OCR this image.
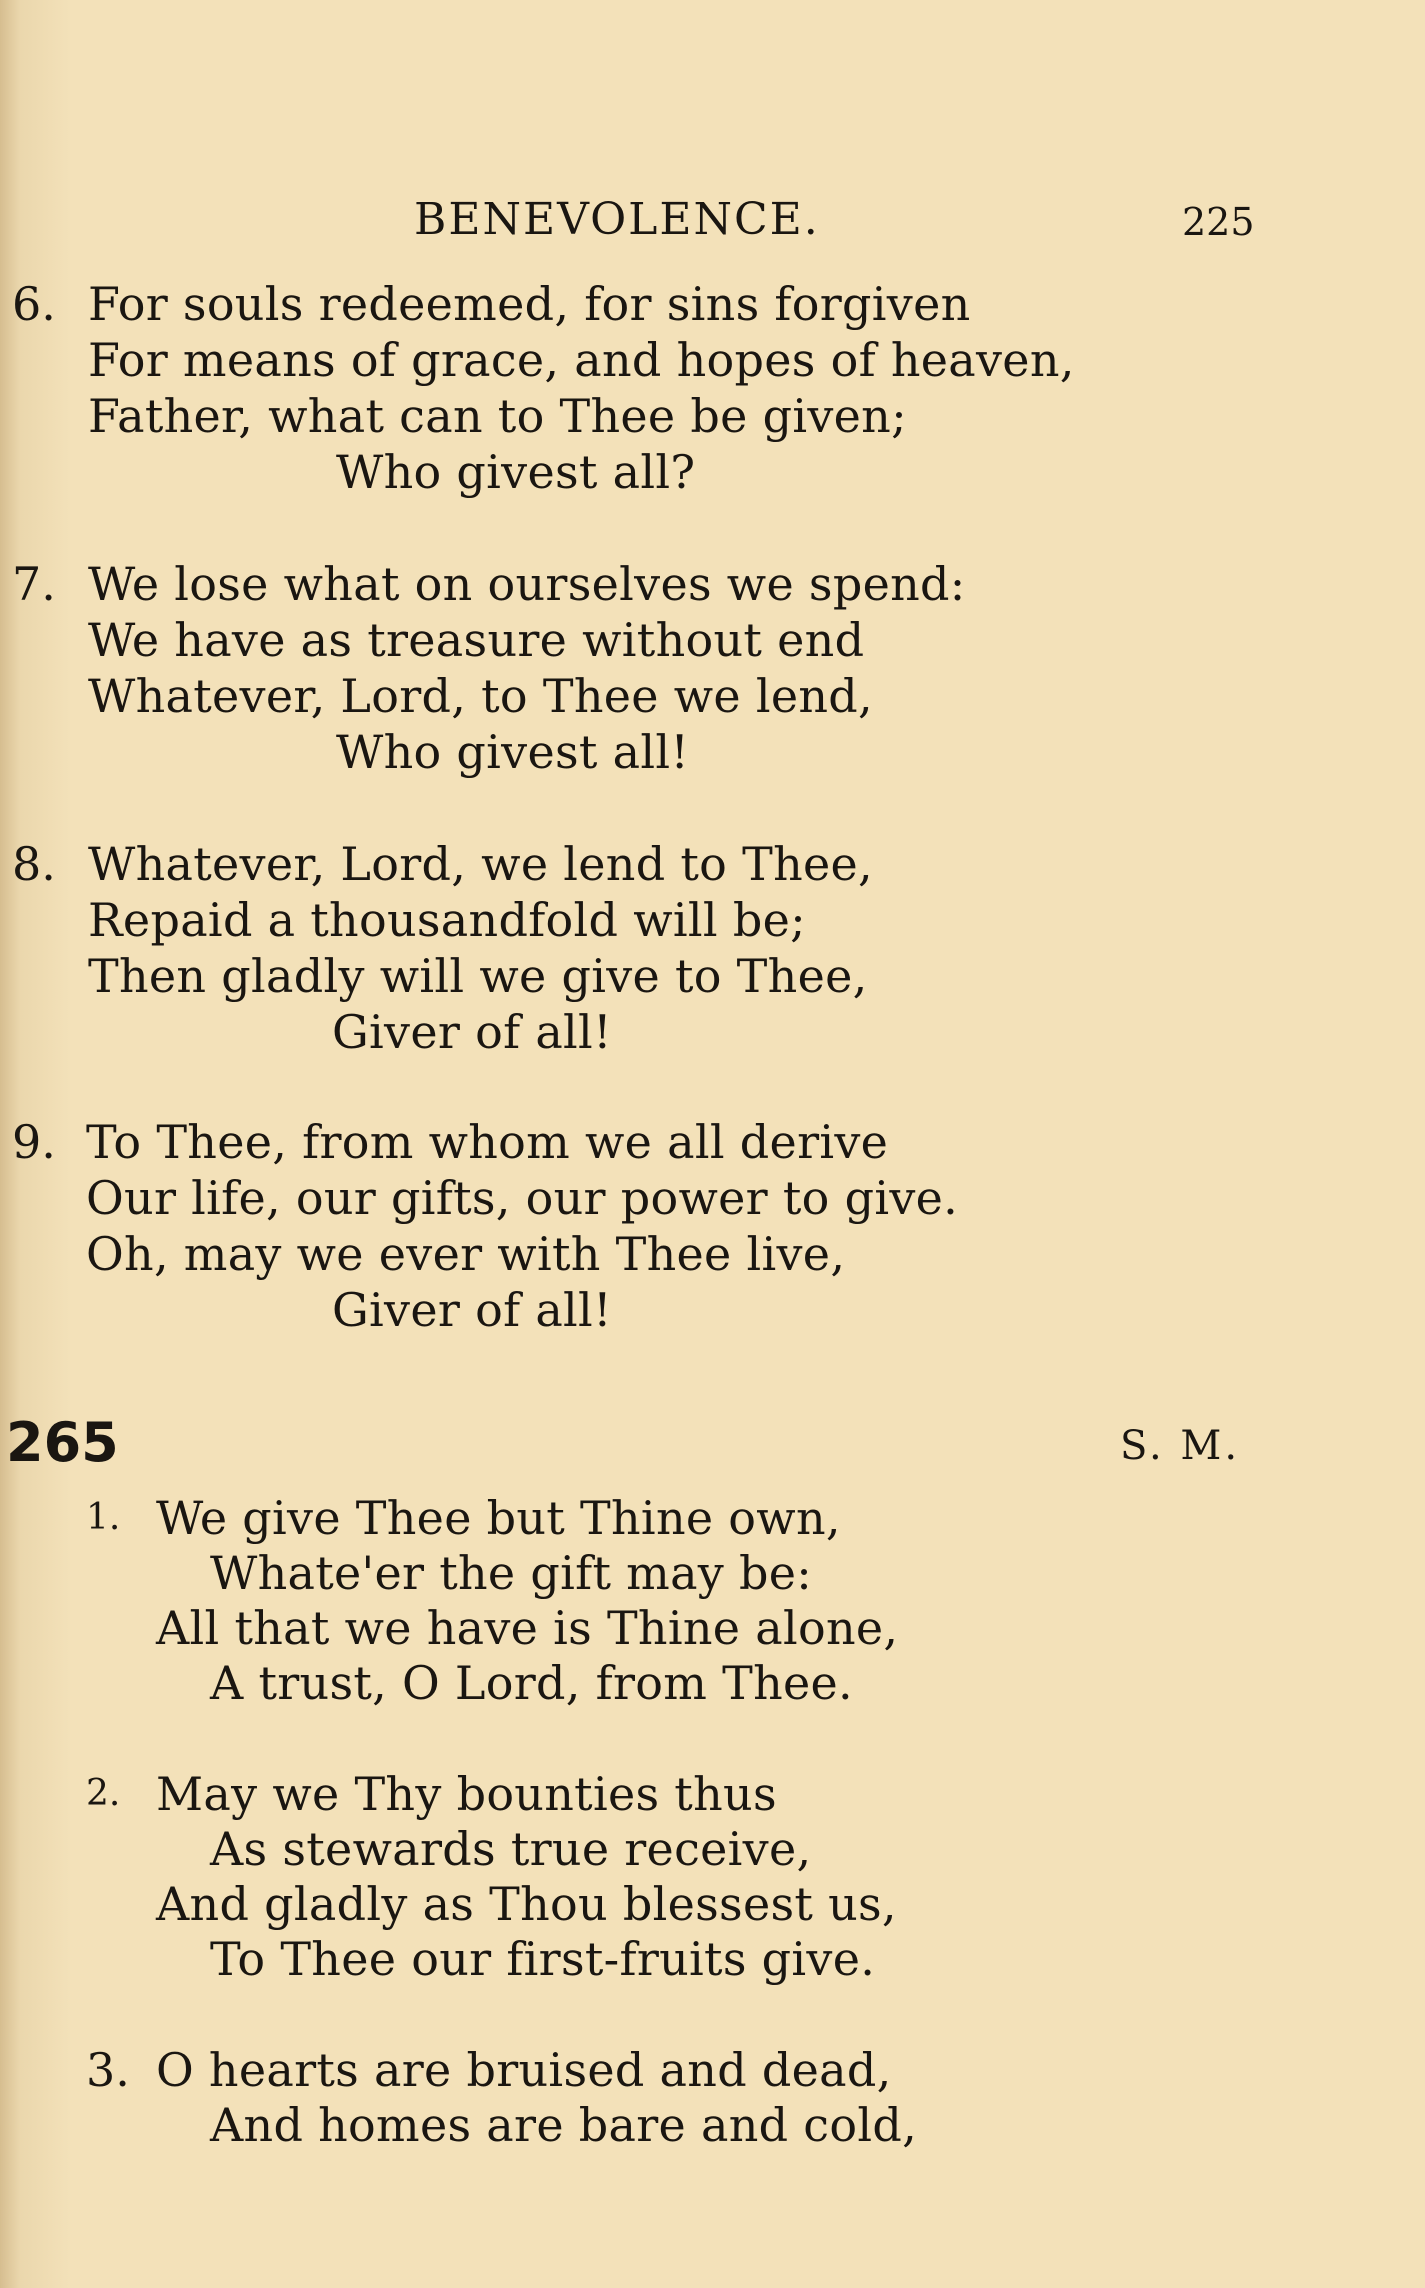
BENEVOLENCE.	225
6. For souls redeemed, for sins forgiven
For means of grace, and hopes of heaven,
Father, what can to Thee be given;
Who givest all?
7. We lose what on ourselves we spend:
We have as treasure without end
Whatever, Lord, to Thee we lend,
Who givest all!
8. Whatever, Lord, we lend to Thee,
Repaid a thousandfold will be;
Then gladly will we give to Thee,
Giver of all!
9. To Thee, from whom we all derive
Our life, our gifts, our power to give.
Oh, may we ever with Thee live,
Giver of all!
265	S. M.
1. We give Thee but Thine own,
Whate'er the gift may be:
All that we have is Thine alone,
A trust, O Lord, from Thee.
2. May we Thy bounties thus
As stewards true receive,
And gladly as Thou blessest us,
To Thee our first-fruits give.
3. O hearts are bruised and dead,
And homes are bare and cold,
